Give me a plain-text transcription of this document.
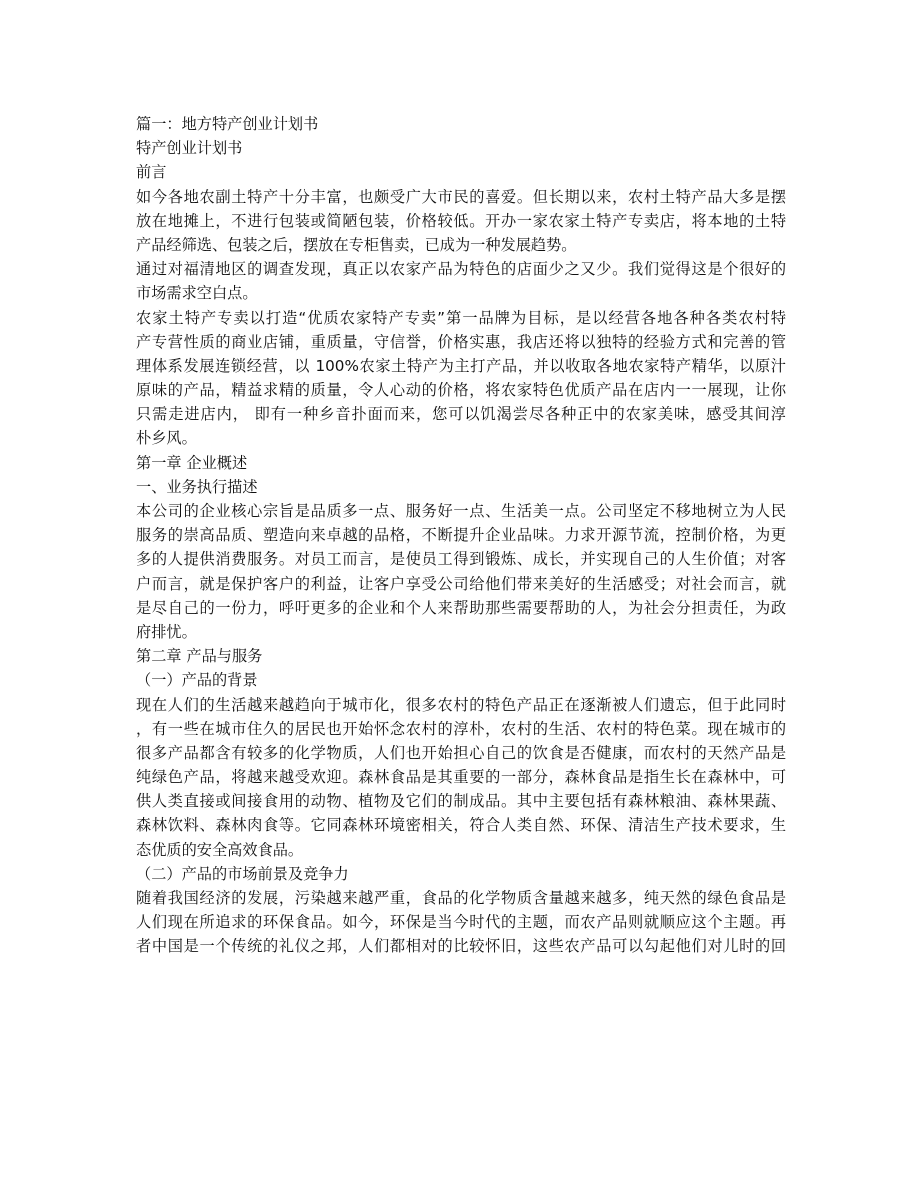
篇一：地方特产创业计划书
特产创业计划书
前言
如今各地农副土特产十分丰富，也颇受广大市民的喜爱。但长期以来，农村土特产品大多是摆
放在地摊上，不进行包装或简陋包装，价格较低。开办一家农家土特产专卖店，将本地的土特
产品经筛选、包装之后，摆放在专柜售卖，已成为一种发展趋势。
通过对福清地区的调查发现，真正以农家产品为特色的店面少之又少。我们觉得这是个很好的
市场需求空白点。
农家土特产专卖以打造“优质农家特产专卖”第一品牌为目标，是以经营各地各种各类农村特
产专营性质的商业店铺，重质量，守信誉，价格实惠，我店还将以独特的经验方式和完善的管
理体系发展连锁经营，以 100%农家土特产为主打产品，并以收取各地农家特产精华，以原汁
原味的产品，精益求精的质量，令人心动的价格，将农家特色优质产品在店内一一展现，让你
只需走进店内， 即有一种乡音扑面而来，您可以饥渴尝尽各种正中的农家美味，感受其间淳
朴乡风。
第一章 企业概述
一、业务执行描述
本公司的企业核心宗旨是品质多一点、服务好一点、生活美一点。公司坚定不移地树立为人民
服务的崇高品质、塑造向来卓越的品格，不断提升企业品味。力求开源节流，控制价格，为更
多的人提供消费服务。对员工而言，是使员工得到锻炼、成长，并实现自己的人生价值；对客
户而言，就是保护客户的利益，让客户享受公司给他们带来美好的生活感受；对社会而言，就
是尽自己的一份力，呼吁更多的企业和个人来帮助那些需要帮助的人，为社会分担责任，为政
府排忧。
第二章 产品与服务
（一）产品的背景
现在人们的生活越来越趋向于城市化，很多农村的特色产品正在逐渐被人们遗忘，但于此同时
，有一些在城市住久的居民也开始怀念农村的淳朴，农村的生活、农村的特色菜。现在城市的
很多产品都含有较多的化学物质，人们也开始担心自己的饮食是否健康，而农村的天然产品是
纯绿色产品，将越来越受欢迎。森林食品是其重要的一部分，森林食品是指生长在森林中，可
供人类直接或间接食用的动物、植物及它们的制成品。其中主要包括有森林粮油、森林果蔬、
森林饮料、森林肉食等。它同森林环境密相关，符合人类自然、环保、清洁生产技术要求，生
态优质的安全高效食品。
（二）产品的市场前景及竞争力
随着我国经济的发展，污染越来越严重，食品的化学物质含量越来越多，纯天然的绿色食品是
人们现在所追求的环保食品。如今，环保是当今时代的主题，而农产品则就顺应这个主题。再
者中国是一个传统的礼仪之邦，人们都相对的比较怀旧，这些农产品可以勾起他们对儿时的回
